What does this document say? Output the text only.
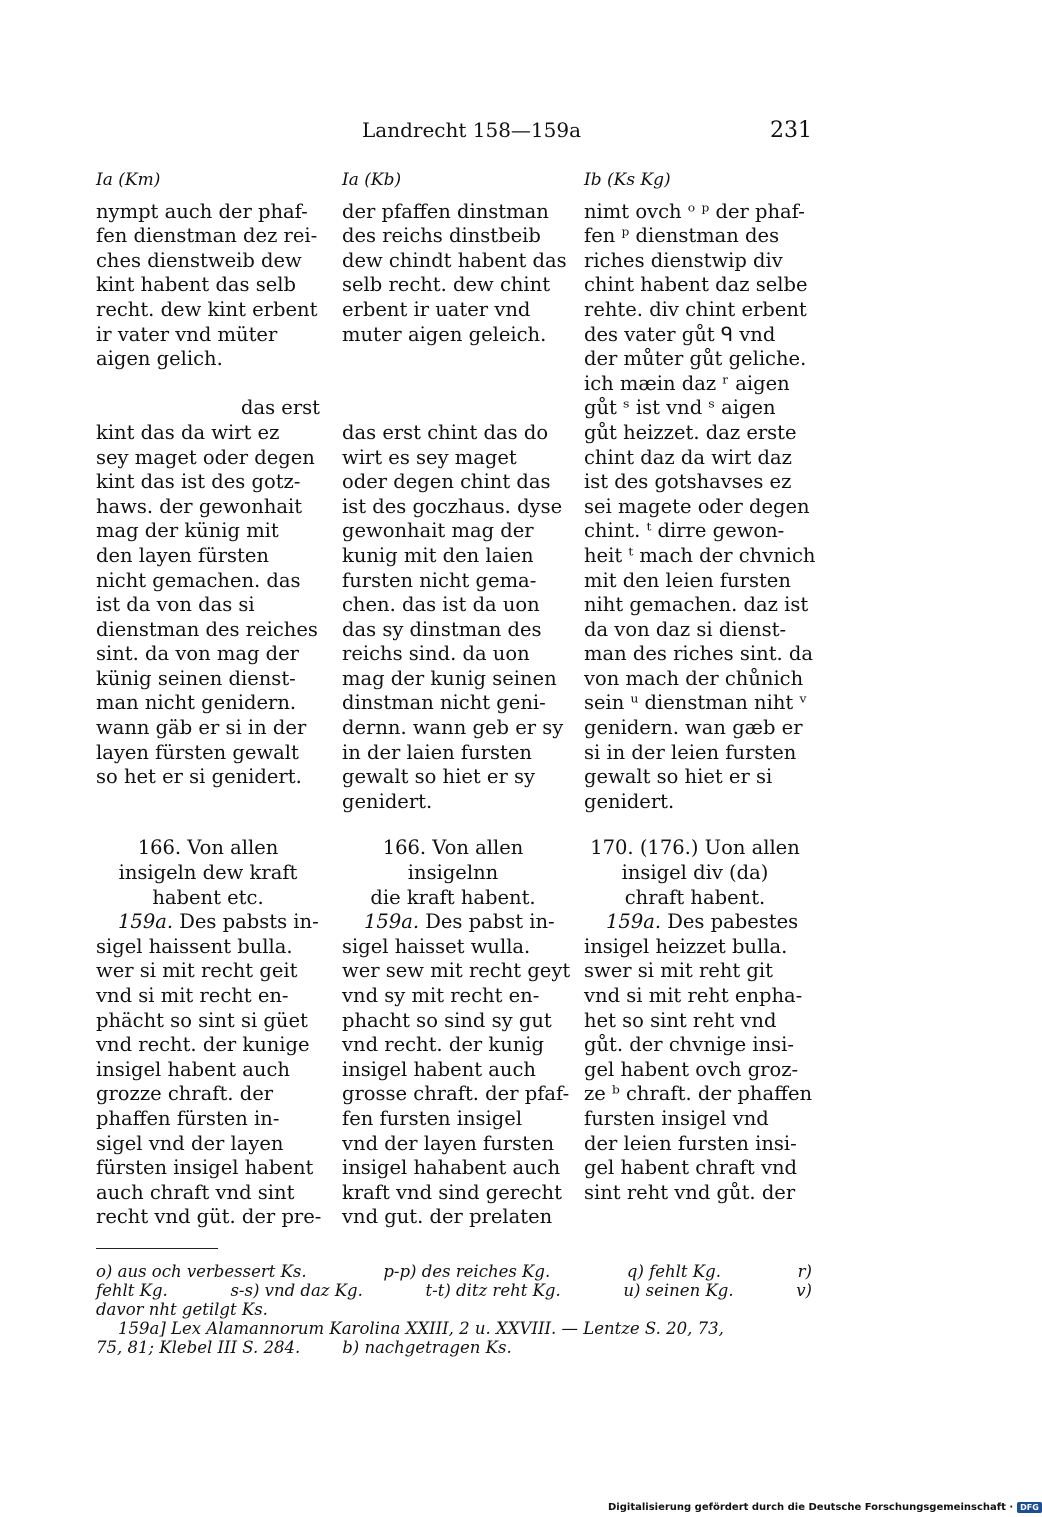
Landrecht 158—159a	231
Ia (Km)
nympt auch der phaf-
fen dienstman dez rei-
ches dienstweib dew
kint habent das selb
recht. dew kint erbent
ir vater vnd müter
aigen gelich.
das erst
kint das da wirt ez
sey maget oder degen
kint das ist des gotz-
haws. der gewonhait
mag der künig mit
den layen fürsten
nicht gemachen. das
ist da von das si
dienstman des reiches
sint. da von mag der
künig seinen dienst-
man nicht genidern.
wann gäb er si in der
layen fürsten gewalt
so het er si genidert.
166. Von allen
insigeln dew kraft
habent etc.
159a. Des pabsts in-
sigel haissent bulla.
wer si mit recht geit
vnd si mit recht en-
phächt so sint si güet
vnd recht. der kunige
insigel habent auch
grozze chraft. der
phaffen fürsten in-
sigel vnd der layen
fürsten insigel habent
auch chraft vnd sint
recht vnd güt. der pre-
Ia (Kb)
der pfaffen dinstman
des reichs dinstbeib
dew chindt habent das
selb recht. dew chint
erbent ir uater vnd
muter aigen geleich.
das erst chint das do
wirt es sey maget
oder degen chint das
ist des goczhaus. dyse
gewonhait mag der
kunig mit den laien
fursten nicht gema-
chen. das ist da uon
das sy dinstman des
reichs sind. da uon
mag der kunig seinen
dinstman nicht geni-
dernn. wann geb er sy
in der laien fursten
gewalt so hiet er sy
genidert.
166. Von allen
insigelnn
die kraft habent.
159a. Des pabst in-
sigel haisset wulla.
wer sew mit recht geyt
vnd sy mit recht en-
phacht so sind sy gut
vnd recht. der kunig
insigel habent auch
grosse chraft. der pfaf-
fen fursten insigel
vnd der layen fursten
insigel hahabent auch
kraft vnd sind gerecht
vnd gut. der prelaten
Ib (Ks Kg)
nimt ovch ᵒ ᵖ der phaf-
fen ᵖ dienstman des
riches dienstwip div
chint habent daz selbe
rehte. div chint erbent
des vater gůt ᑫ vnd
der můter gůt geliche.
ich mæin daz ʳ aigen
gůt ˢ ist vnd ˢ aigen
gůt heizzet. daz erste
chint daz da wirt daz
ist des gotshavses ez
sei magete oder degen
chint. ᵗ dirre gewon-
heit ᵗ mach der chvnich
mit den leien fursten
niht gemachen. daz ist
da von daz si dienst-
man des riches sint. da
von mach der chůnich
sein ᵘ dienstman niht ᵛ
genidern. wan gæb er
si in der leien fursten
gewalt so hiet er si
genidert.
170. (176.) Uon allen
insigel div (da)
chraft habent.
159a. Des pabestes
insigel heizzet bulla.
swer si mit reht git
vnd si mit reht enpha-
het so sint reht vnd
gůt. der chvnige insi-
gel habent ovch groz-
ze ᵇ chraft. der phaffen
fursten insigel vnd
der leien fursten insi-
gel habent chraft vnd
sint reht vnd gůt. der
o) aus och verbessert Ks.	p-p) des reiches Kg.	q) fehlt Kg.	r)
fehlt Kg.	s-s) vnd daz Kg.	t-t) ditz reht Kg.	u) seinen Kg.	v)
davor nht getilgt Ks.
159a] Lex Alamannorum Karolina XXIII, 2 u. XXVIII. — Lentze S. 20, 73,
75, 81; Klebel III S. 284.        b) nachgetragen Ks.
Digitalisierung gefördert durch die Deutsche Forschungsgemeinschaft · DFG
